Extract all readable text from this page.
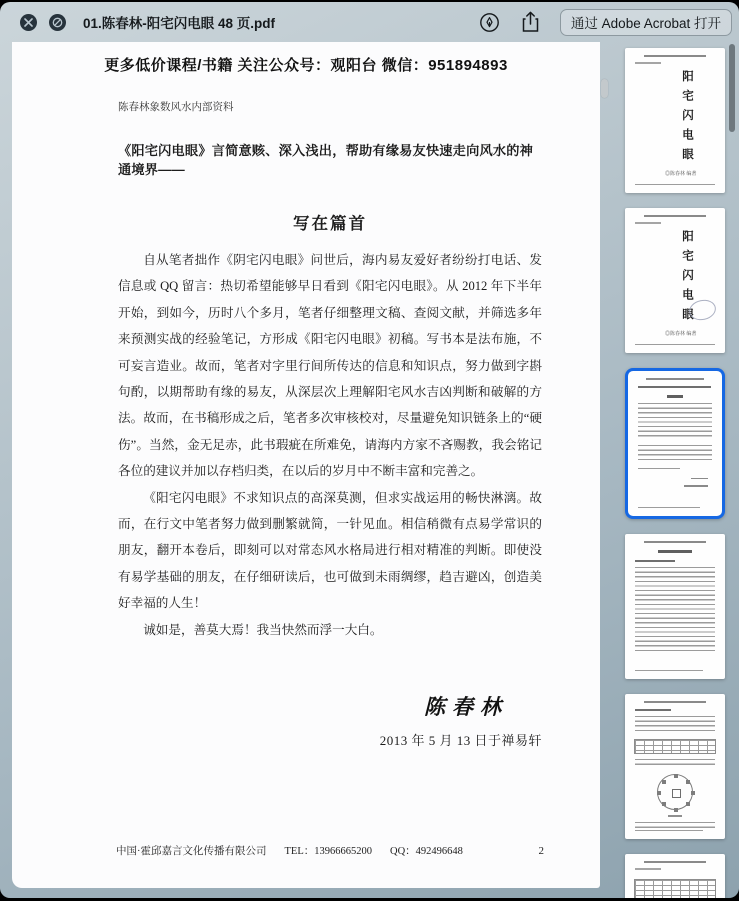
01.陈春林-阳宅闪电眼 48 页.pdf	通过 Adobe Acrobat 打开
更多低价课程/书籍 关注公众号：观阳台 微信：951894893
陈春林象数风水内部资料
《阳宅闪电眼》言简意赅、深入浅出，帮助有缘易友快速走向风水的神通境界——
写在篇首
自从笔者拙作《阴宅闪电眼》问世后，海内易友爱好者纷纷打电话、发信息或 QQ 留言：热切希望能够早日看到《阳宅闪电眼》。从 2012 年下半年开始，到如今，历时八个多月，笔者仔细整理文稿、查阅文献，并筛选多年来预测实战的经验笔记，方形成《阳宅闪电眼》初稿。写书本是法布施，不可妄言造业。故而，笔者对字里行间所传达的信息和知识点，努力做到字斟句酌，以期帮助有缘的易友，从深层次上理解阳宅风水吉凶判断和破解的方法。故而，在书稿形成之后，笔者多次审核校对，尽量避免知识链条上的“硬伤”。当然，金无足赤，此书瑕疵在所难免，请海内方家不吝赐教，我会铭记各位的建议并加以存档归类，在以后的岁月中不断丰富和完善之。
《阳宅闪电眼》不求知识点的高深莫测，但求实战运用的畅快淋漓。故而，在行文中笔者努力做到删繁就简，一针见血。相信稍微有点易学常识的朋友，翻开本卷后，即刻可以对常态风水格局进行相对精准的判断。即使没有易学基础的朋友，在仔细研读后，也可做到未雨绸缪，趋吉避凶，创造美好幸福的人生！
诚如是，善莫大焉！我当快然而浮一大白。
陈春林
2013 年 5 月 13 日于禅易轩
中国·霍邱嘉言文化传播有限公司 TEL：13966665200 QQ：492496648	2
阳宅闪电眼
◎陈春林 编著
阳宅闪电眼
◎陈春林 编著
